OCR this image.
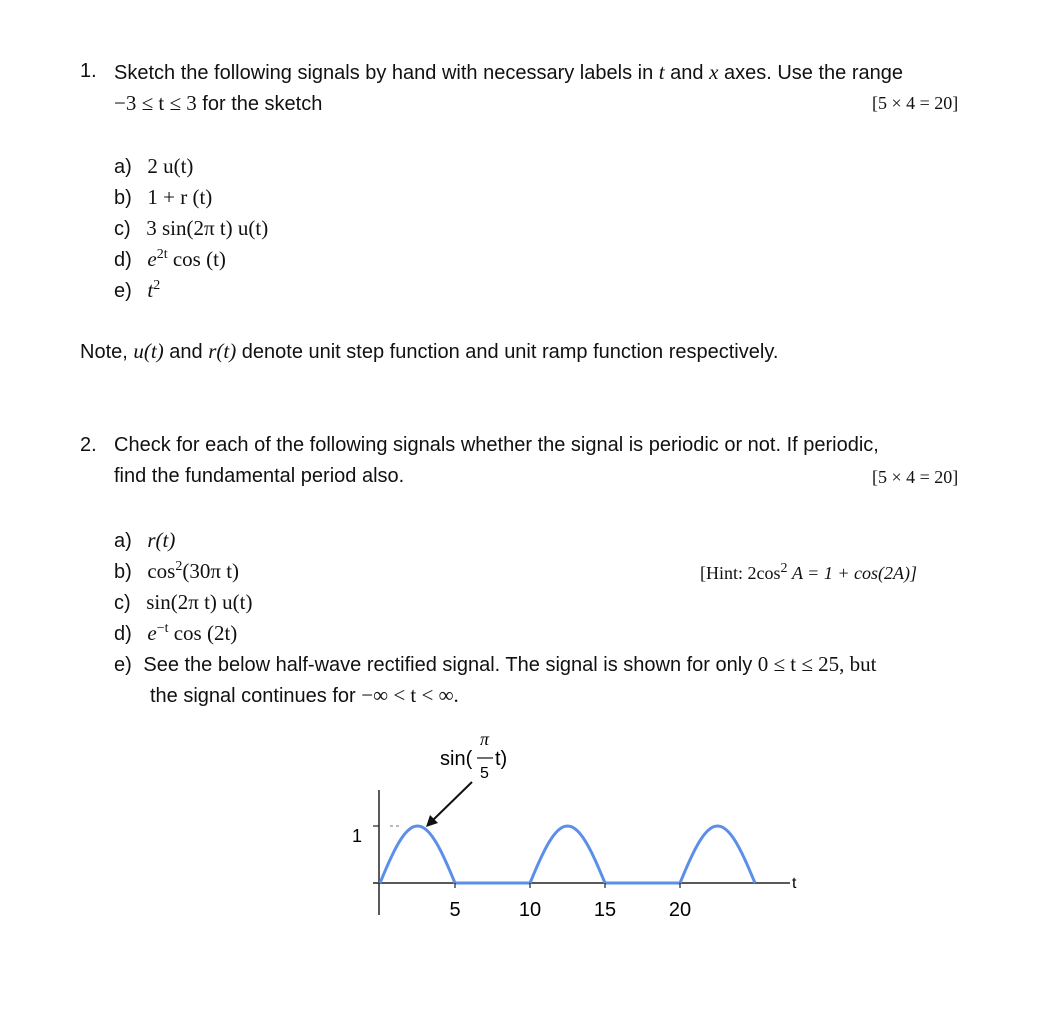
1. Sketch the following signals by hand with necessary labels in t and x axes. Use the range
−3 ≤ t ≤ 3 for the sketch	[5 × 4 = 20]
a) 2 u(t)
b) 1 + r (t)
c) 3 sin(2π t) u(t)
d) $e^{2t}$ cos (t)
e) $t^2$
Note, u(t) and r(t) denote unit step function and unit ramp function respectively.
2. Check for each of the following signals whether the signal is periodic or not. If periodic,
find the fundamental period also.	[5 × 4 = 20]
a) r(t)
b) $\cos^2(30\pi$ t)	[Hint: $2\cos^2$ A = 1 + cos(2A)]
c) sin(2π t) u(t)
d) $e^{-t}$ cos (2t)
e) See the below half-wave rectified signal. The signal is shown for only 0 ≤ t ≤ 25, but
the signal continues for −∞ < t < ∞.
sin(
π
5
t)
1
t
5	10	15	20
